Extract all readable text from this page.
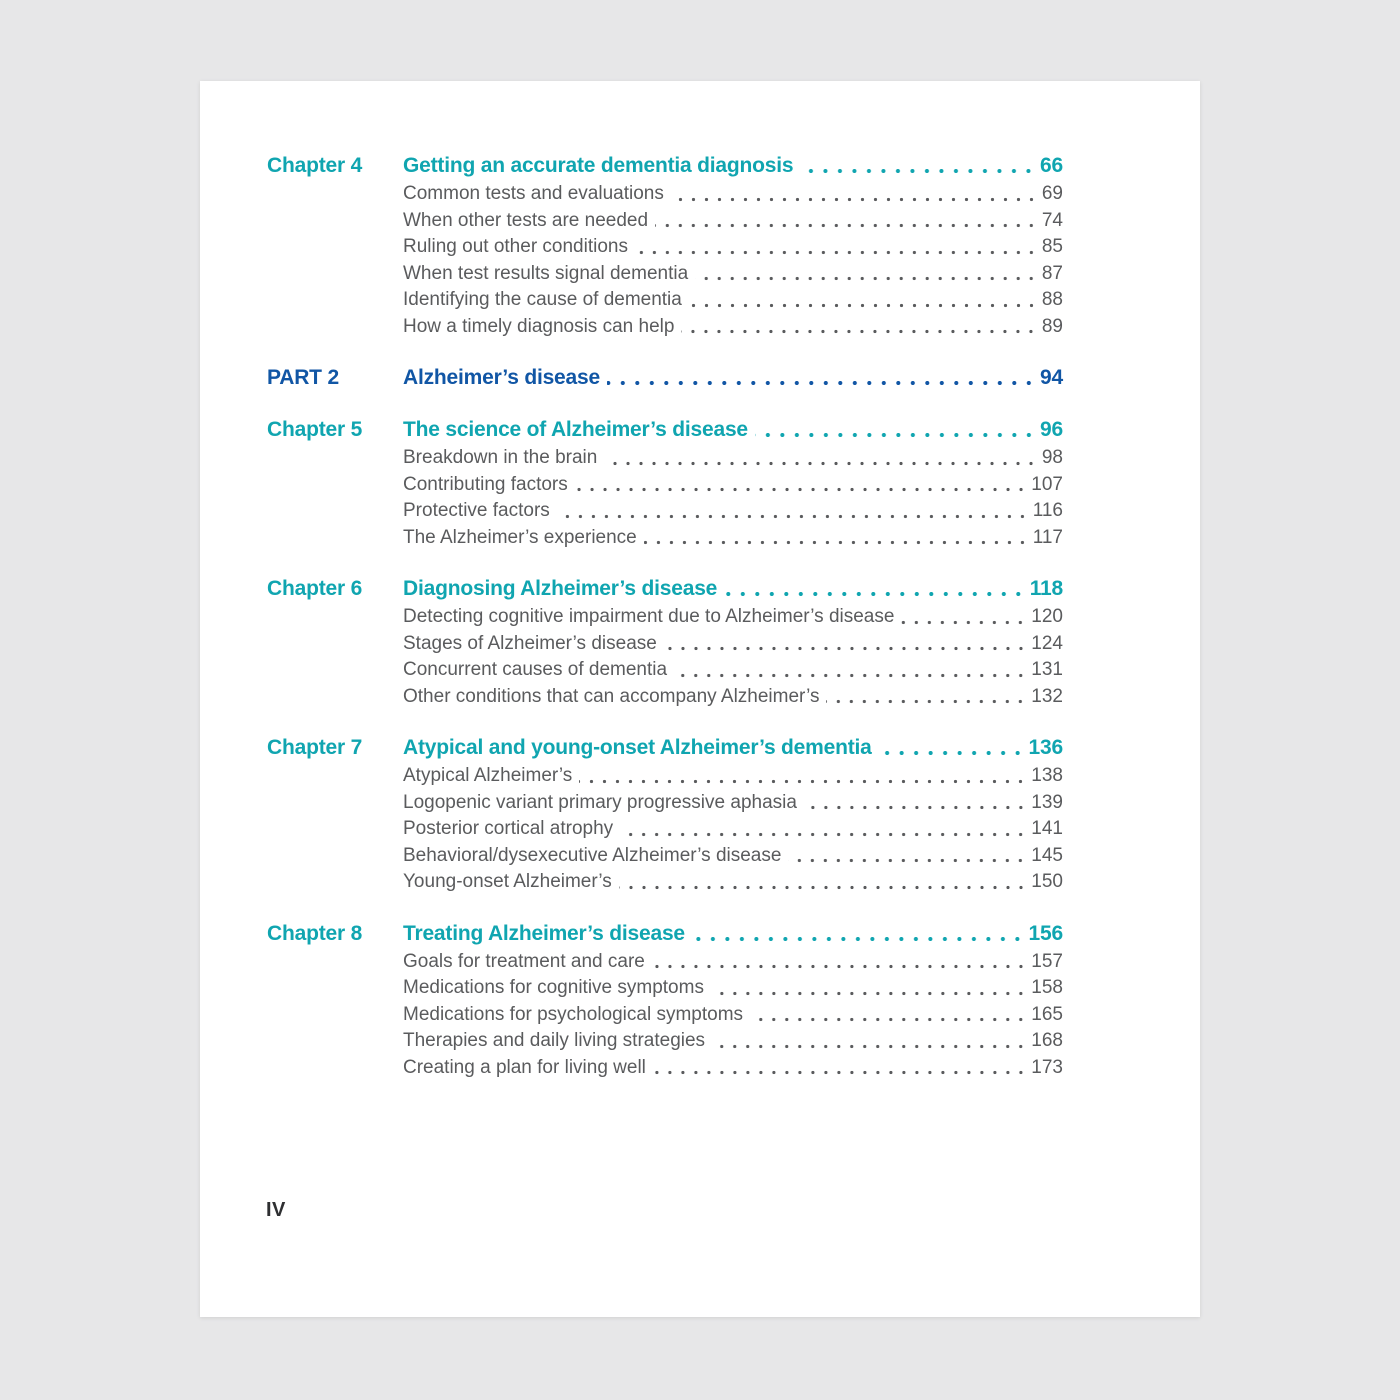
Chapter 4	Getting an accurate dementia diagnosis	66
Common tests and evaluations	69
When other tests are needed	74
Ruling out other conditions	85
When test results signal dementia	87
Identifying the cause of dementia	88
How a timely diagnosis can help	89
PART 2	Alzheimer’s disease	94
Chapter 5	The science of Alzheimer’s disease	96
Breakdown in the brain	98
Contributing factors	107
Protective factors	116
The Alzheimer’s experience	117
Chapter 6	Diagnosing Alzheimer’s disease	118
Detecting cognitive impairment due to Alzheimer’s disease	120
Stages of Alzheimer’s disease	124
Concurrent causes of dementia	131
Other conditions that can accompany Alzheimer’s	132
Chapter 7	Atypical and young-onset Alzheimer’s dementia	136
Atypical Alzheimer’s	138
Logopenic variant primary progressive aphasia	139
Posterior cortical atrophy	141
Behavioral/dysexecutive Alzheimer’s disease	145
Young-onset Alzheimer’s	150
Chapter 8	Treating Alzheimer’s disease	156
Goals for treatment and care	157
Medications for cognitive symptoms	158
Medications for psychological symptoms	165
Therapies and daily living strategies	168
Creating a plan for living well	173
IV
